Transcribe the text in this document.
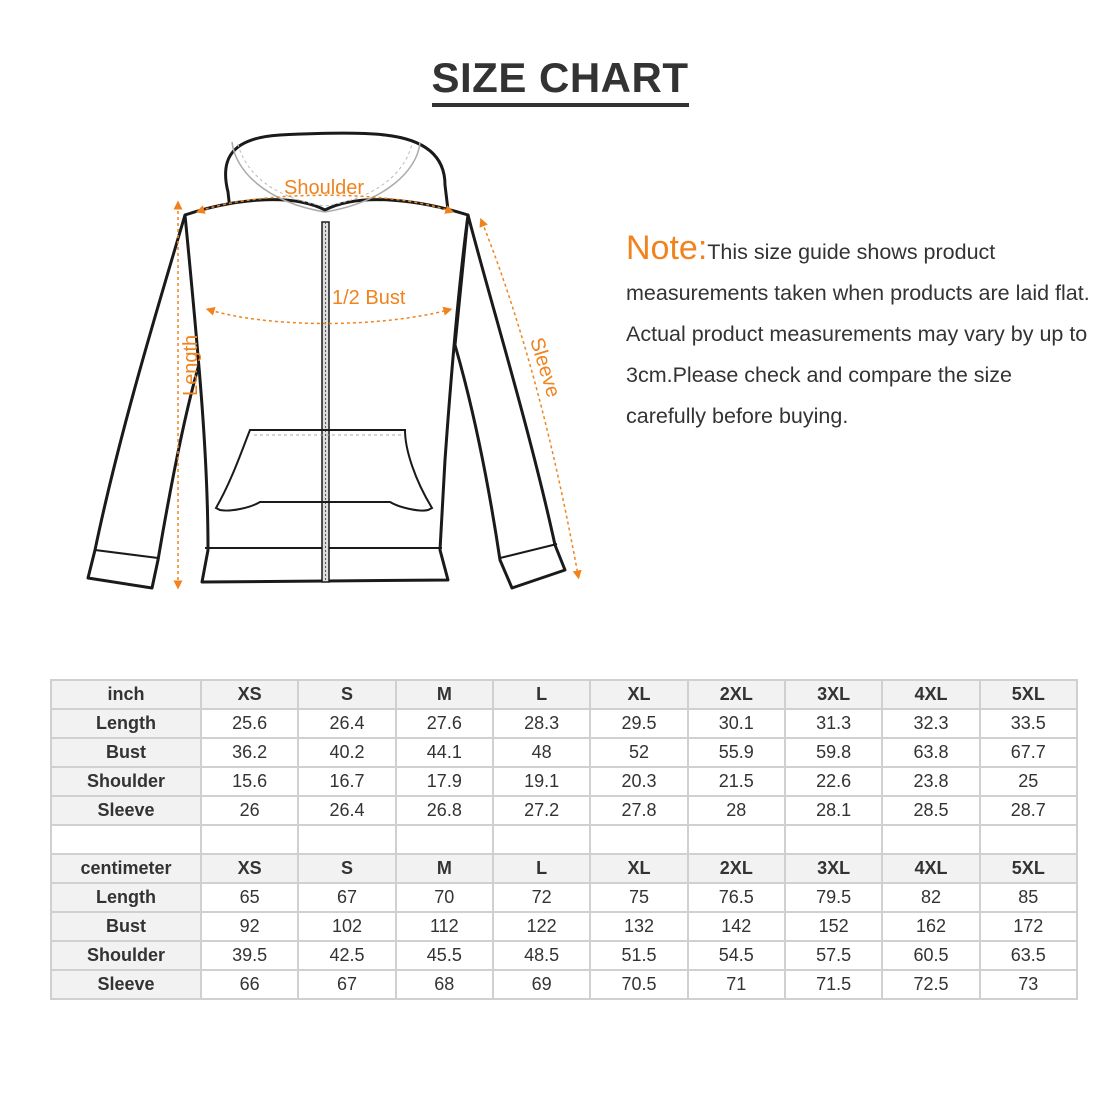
SIZE CHART
Shoulder
1/2 Bust
Length	Sleeve
Note:This size guide shows product measurements taken when products are laid flat. Actual product measurements may vary by up to 3cm.Please check and compare the size carefully before buying.
inch	XS	S	M	L	XL	2XL	3XL	4XL	5XL
Length	25.6	26.4	27.6	28.3	29.5	30.1	31.3	32.3	33.5
Bust	36.2	40.2	44.1	48	52	55.9	59.8	63.8	67.7
Shoulder	15.6	16.7	17.9	19.1	20.3	21.5	22.6	23.8	25
Sleeve	26	26.4	26.8	27.2	27.8	28	28.1	28.5	28.7

centimeter	XS	S	M	L	XL	2XL	3XL	4XL	5XL
Length	65	67	70	72	75	76.5	79.5	82	85
Bust	92	102	112	122	132	142	152	162	172
Shoulder	39.5	42.5	45.5	48.5	51.5	54.5	57.5	60.5	63.5
Sleeve	66	67	68	69	70.5	71	71.5	72.5	73
